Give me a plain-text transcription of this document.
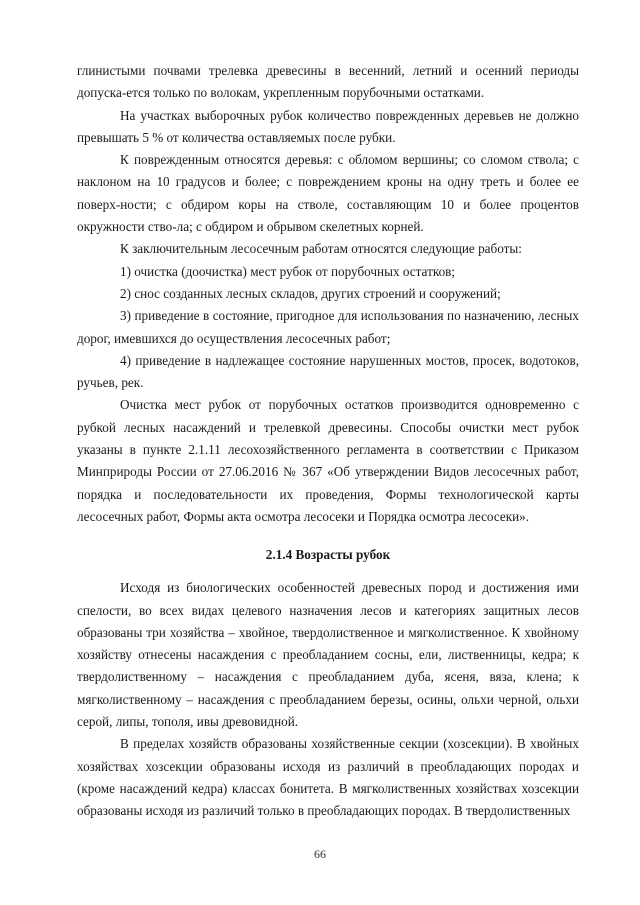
глинистыми почвами трелевка древесины в весенний, летний и осенний периоды допуска-ется только по волокам, укрепленным порубочными остатками.

На участках выборочных рубок количество поврежденных деревьев не должно превышать 5 % от количества оставляемых после рубки.

К поврежденным относятся деревья: с обломом вершины; со сломом ствола; с наклоном на 10 градусов и более; с повреждением кроны на одну треть и более ее поверх-ности; с обдиром коры на стволе, составляющим 10 и более процентов окружности ство-ла; с обдиром и обрывом скелетных корней.

К заключительным лесосечным работам относятся следующие работы:

1) очистка (доочистка) мест рубок от порубочных остатков;

2) снос созданных лесных складов, других строений и сооружений;

3) приведение в состояние, пригодное для использования по назначению, лесных дорог, имевшихся до осуществления лесосечных работ;

4) приведение в надлежащее состояние нарушенных мостов, просек, водотоков, ручьев, рек.

Очистка мест рубок от порубочных остатков производится одновременно с рубкой лесных насаждений и трелевкой древесины. Способы очистки мест рубок указаны в пункте 2.1.11 лесохозяйственного регламента в соответствии с Приказом Минприроды России от 27.06.2016 № 367 «Об утверждении Видов лесосечных работ, порядка и последовательности их проведения, Формы технологической карты лесосечных работ, Формы акта осмотра лесосеки и Порядка осмотра лесосеки».

2.1.4 Возрасты рубок

Исходя из биологических особенностей древесных пород и достижения ими спелости, во всех видах целевого назначения лесов и категориях защитных лесов образованы три хозяйства – хвойное, твердолиственное и мягколиственное. К хвойному хозяйству отнесены насаждения с преобладанием сосны, ели, лиственницы, кедра; к твердолиственному – насаждения с преобладанием дуба, ясеня, вяза, клена; к мягколиственному – насаждения с преобладанием березы, осины, ольхи черной, ольхи серой, липы, тополя, ивы древовидной.

В пределах хозяйств образованы хозяйственные секции (хозсекции). В хвойных хозяйствах хозсекции образованы исходя из различий в преобладающих породах и (кроме насаждений кедра) классах бонитета. В мягколиственных хозяйствах хозсекции образованы исходя из различий только в преобладающих породах. В твердолиственных

66
